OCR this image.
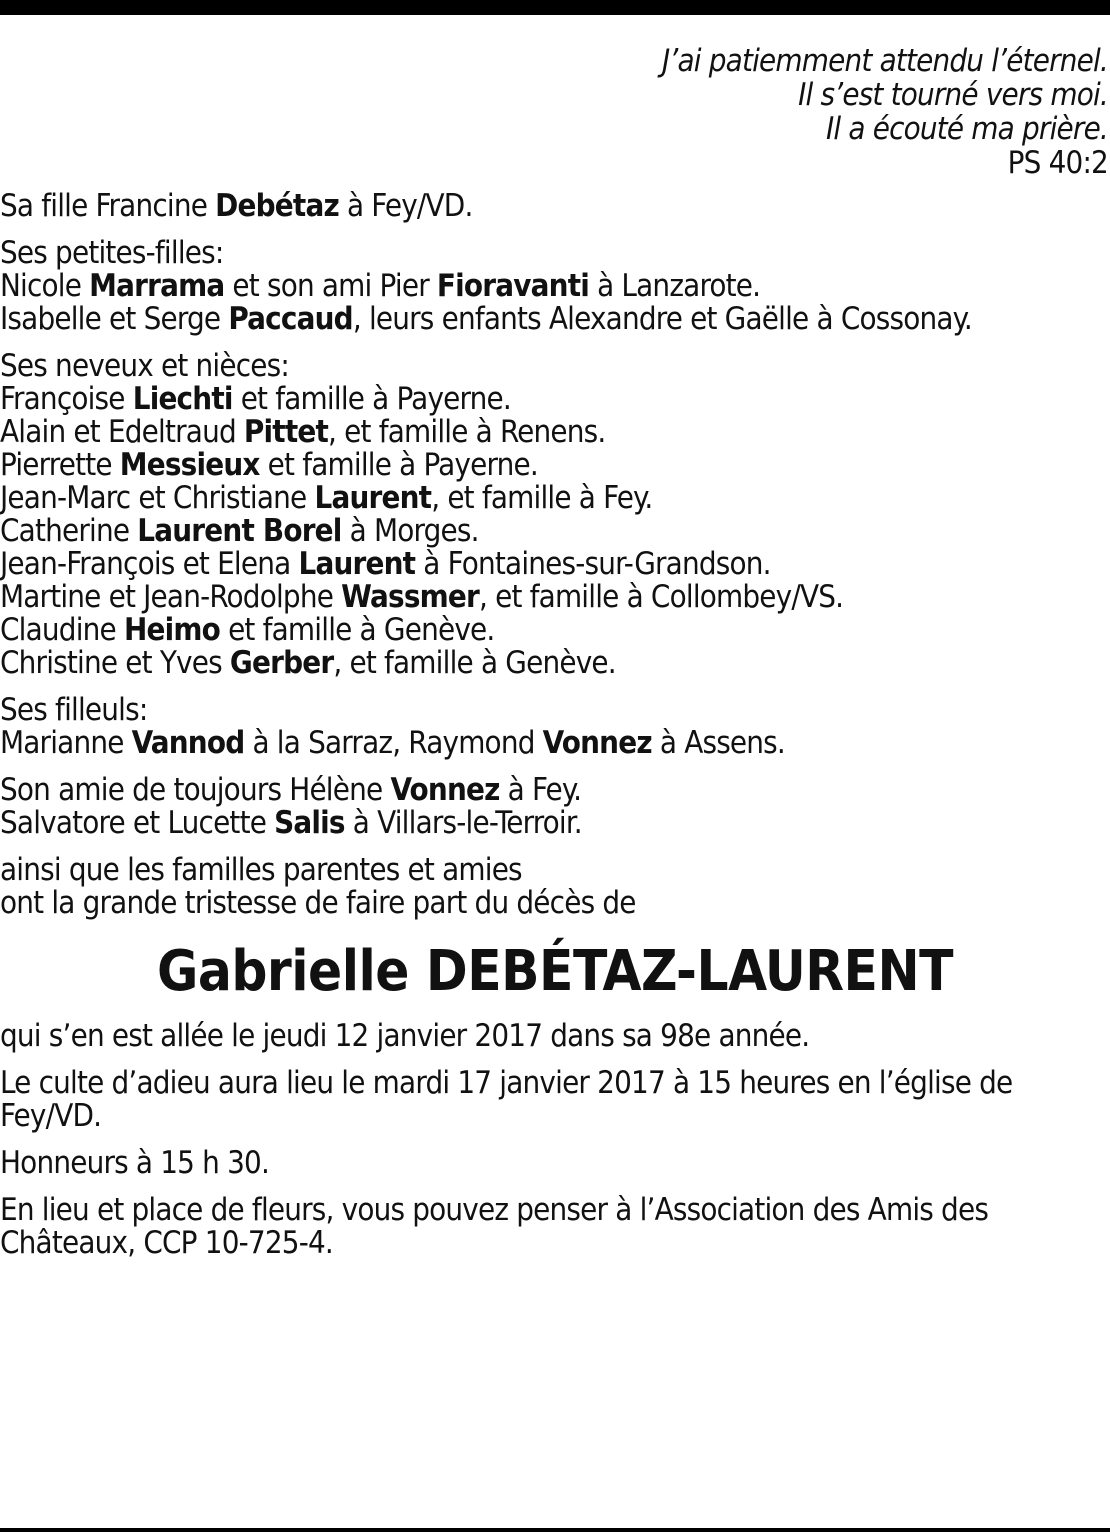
J’ai patiemment attendu l’éternel.
Il s’est tourné vers moi.
Il a écouté ma prière.
PS 40:2
Sa fille Francine Debétaz à Fey/VD.
Ses petites-filles:
Nicole Marrama et son ami Pier Fioravanti à Lanzarote.
Isabelle et Serge Paccaud, leurs enfants Alexandre et Gaëlle à Cossonay.
Ses neveux et nièces:
Françoise Liechti et famille à Payerne.
Alain et Edeltraud Pittet, et famille à Renens.
Pierrette Messieux et famille à Payerne.
Jean-Marc et Christiane Laurent, et famille à Fey.
Catherine Laurent Borel à Morges.
Jean-François et Elena Laurent à Fontaines-sur-Grandson.
Martine et Jean-Rodolphe Wassmer, et famille à Collombey/VS.
Claudine Heimo et famille à Genève.
Christine et Yves Gerber, et famille à Genève.
Ses filleuls:
Marianne Vannod à la Sarraz, Raymond Vonnez à Assens.
Son amie de toujours Hélène Vonnez à Fey.
Salvatore et Lucette Salis à Villars-le-Terroir.
ainsi que les familles parentes et amies
ont la grande tristesse de faire part du décès de
Gabrielle DEBÉTAZ-LAURENT
qui s’en est allée le jeudi 12 janvier 2017 dans sa 98e année.
Le culte d’adieu aura lieu le mardi 17 janvier 2017 à 15 heures en l’église de Fey/VD.
Honneurs à 15 h 30.
En lieu et place de fleurs, vous pouvez penser à l’Association des Amis des Châteaux, CCP 10-725-4.
